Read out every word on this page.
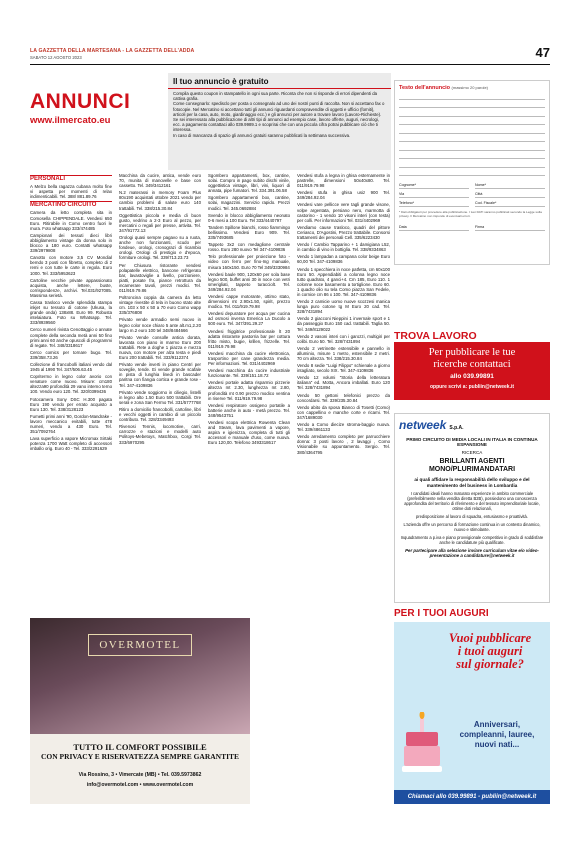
LA GAZZETTA DELLA MARTESANA - LA GAZZETTA DELL'ADDA
SABATO 12 AGOSTO 2023	47
ANNUNCI
www.ilmercato.eu
Il tuo annuncio è gratuito

Compila questo coupon in stampatello in ogni sua parte. Riconta che non si risponde di errori dipendenti da cattiva grafia.

Come consegnarlo: spedisclo per posta o consegnalo ad uno dei nostri punti di raccolta. Non si accettano fax o fotocopie. Nel Mercatino si accettano tutti gli annunci riguardanti compravendite di oggetti e ufficio (forniti), articoli per la casa, auto, moto, giardinaggio ecc.) e gli annunci per autore a trovare lavoro (Lavoro-Richieste).

Se sei interessato alla pubblicazione di altri tipi di annunci ad esempio case, lavoro offerte, auguri, necrologi, ecc. a pagamento contattaci allo 039.9989.1 e scoprirai che con una piccola cifra potrai pubblicare ciò che ti interessa.

In caso di mancanza di spazio gli annunci gratuiti saranno pubblicati la settimana successiva.

Testo dell'annuncio (massimo 20 parole)
Cognome*	Nome*
Via	Città
Telefono*	Cod. Fiscale*
* Dati obbligatori per procedere alla pubblicazione. I tuoi DATI saranno pubblicati secondo la Legge sulla privacy. Il Mercatino non risponde di eventuali errori.
Data	Firma
PERSONALI

A Melzo bella ragazza cubana molto fine vi aspetta per momenti di relax indimenticabili. Tel. 388/ 881.89.76

MERCATINO CIRCUITO

Camera da letto completa sita in Comosella CHIPPENDALE. Vendesi 650 Euro. Ritirabile in Como centro fuori le mura. Foto whatsapp 333/474485

Campionari dei tessuti dieci libri abbigliamento vintage da donna solo in blocco a 180 euro. Contatti whatsapp 339/2979808

Canotto con motore 3,5 CV Mondial bemdo 3 posti con fibretto, completo di 2 remi e con tutte le carte in regola. Euro 1000. Tel. 333/5953623

Cartoline vecchie private appassionato acquista, anche lettere, buste, corrispondenze, archivi. Tel.031/927085. Massima serietà.

Cassa trasloco vende splendida stampa inkjet su tessuto di cotone (Ukusa, la grande onda) 138x88. Euro 99. Robusta intelaiatura. Foto su Whatsapp. Tel. 333/8939560

Cerco numeri rivista Cenottaggio o annate complete della seconda metà anni 50 fino primi anni 60 anche opuscoli di programmi di regate. Tel. 348/3318617

Cerco comics per tornare bugo. Tel. 339/358.73.26

Collezione di francobolli italiani vendo dal 1945 al 1990 Tel. 347/506.63.45

Copritermo in legno color avorio con venature come nuovo. Misure: cm180 altezza90 profondità 29 vano interno terno 100. Vendo euro 120. Tel. 320/0399436

Fotocamera Sony DSC H.300 pagata Euro 190 vendo per errato acquisto a Euro 130. Tel. 338/3128123

Fumetti primi anni '90, Gordon-Mandrake - lavoro meccanico evitabili, tutte 478 numeri, vendo a 430 Euro. Tel. 351/7092764

Lava superficio a vapore Micromax Sirtaki potenza 1700 Watt completo di accessori imballo orig. Euro 40 - Tel. 333/2291629

Macchina da cucire, antica, vende euro 70, munita di manovelle e base con cassetto. Tel. 349/3412161

N.2 materassi in memory Foam Plus 80x190 acquistati ottobre 2021 vendo per cambio problemi di salute euro 140 trattabili. Tel. 338/215.30.84

Oggettistica piccola e media di buon gusto, vedrino a 2-3 Euro al pezzo, per mercatini o regali per presse, artivita. Tel. 347/91772.13

Orologi quasi sempre pagavo su a ruota, anche non funzionanti, scudo per fondeue, orologi, cronograzi di ricambio orologi. Orologi di prestigio e d'epoca, formiture orologi. Tel. 339/713.23.73

Per Chiusura ristorante vendesi polapatelle elettrico, bancone refrigerato bar, lavastoviglie a livello, porzioniere, piatti, posate fra, piance retrottura da incamerare tavoli, prezzi modici. Tel. 011/919.79.86

Poltroncina coppia da camera da letto vintage rivestite di tela in buono stato alte cm. 103 x 50 x 50 a 70 euro Como wapp 335/376808

Privato vende armadio semi nuovo in legno color noce chiaro 5 ante alt.m1,2.20 largo m.2 euro 100 tel 348/8484666

Privato Vende consolle antica dorata, lavorata con piano in marmo Euro 200 trattabili. Rete a doghe 1 piazza e mezza nuova, con motore per alza testa e piedi Euro 200 trattabili. Tel. 333/9112374

Privato vende inverti in piano Centri per soveglie, tende. Ei vende grande scafale in pista di lunghia linedi in bascader paritna con fiangia cortica e grande rose - Tel. 347-4109836

Privato vende soggiorno in ciliegio, listelli in legno alto 1.50 Euro 500 trattabili. Ore serali e zona San Fermo Tel. 331/5777768

Ritiro a domicilio francobolli, cartoline, libri e vecchi oggetti in cambio di un piccolo contributo. Tel. 328/3349493

Rivenosi Tennis, locomotive, carri, carrozze e stazioni e modelli auto Politoys-Mebetoys, Matchbox, Corgi Tel. 333/6970295

Sgombero appartamenti, box, cantine, solai. Compro in pago subito dischi vinile, oggettistica vintage, libri, vini, liquori di annata, pipe fumatori. Tel. 334.391.06.58

Sgombero appartamenti box, cantine, solai, magazzini. Servizio rapido. Prezzi modici. Tel. 345.0692884

Svendo in blocco abbigliamento neonato 0-6 mesi a 100 Euro. Tel 333/4440797

Tandem Spillone bianchi, rosso fiammingo bellissimo. Vendesi Euro 909. Tel. 335/7493685

Tappeto 3x2 con medaglione centrale rosso. Euro 280 nuovo Tel 347-4109836

Telo professionale per proiezione foto - video con ferro per fino-Ing manuale, misura 160x150. Euro 70 Tel 349/3330984

Vendesi baule 900, 120x60 per sola base legno 500, buffet anni 30 in noce con vetri smerigliati, tappeto turacciolt. Tel. 349/284.92.04

Vendesi cappe motorante, ottimo stato, dimensioni mt 2.90x1.50, spirit, prezzo modico. Tel. 011/919.79.98

Vendesi depuratore per acqua per cucina ad osmosi inversa Emerica La Ducolo a 500 euro. Tel. 347/391.29.27

Vendesi friggitrice professionale lt 20 adatta ristorante pastorria bar per cottura fritto misto, bugie, krillen, frizzelle. Tel. 011/919.79.98

Vendesi macchina da cucire elettronica, trasportino per cane grandezza media. Per informazioni. Tel. 031/4402969

Vendesi macchina da cucire industriale funzionante. Tel. 339/151.18.72

Vendesi portale adatta risparmio pizzerie altezza mt 2.30, lunghezza mt 2.80, profondità mt 0.90 prezzo modico ventina in riserve Tel. 011/919.79.98

Vendesi respiratore ossigeno portatile a batterie anche in auto - metà prezzo. Tel. 348/9543751

Vendesi scopa elettrica Rowenta Clean and Steam, lava pavimenti a vapore, aspira e igienizza, completa di tutti gli accessori e manuale d'uso, come nuova. Euro 120,00. Telefono 3493318617

Vendesi stufa a legna in ghisa esternamente in pastrelle, dimensioni 50x40x80. Tel. 011/919.79.98

Vendesi stufa in ghisa usiz 900 Tel. 349/284.92.04

Vendesi vare pellicce vere tagli grande visone, volpe argentata, persiano nero, marmotta di castorino - 1 vendo 10 visoni interi (con testa) per colli. Per informazioni Tel. 031/4402969

Vendiamo cause trasloco, quadri del pittore Ceriasco, D'Agostini, Prezzo trattabile. Consorsi trattamenti dei personali Cell. 335/6223430

Vendo / Cambio Tapparino + 1 damigiana L52, in cambio di vino in bottiglia. Tel. 338/9334863

Vendo 1 lampadan a campana color beige Euro 60,00 Tel. 347-4109836

Vendo 1 specchiera in noce patfetta, cm 60x100 Euro 50. Appendiabiti a colonna legno noce tutto quadrato, 4 ganci+4. Cm 185, Euro 110. 1 colonne noce basamento a tortiglione. Euro 60. 1 quadro olio su tela Como piazza San Fedele, in cornice cm 86 x 100. Tel. 347-4109836

Vendo 2 camicie uomo nuove scozzesi manica lunga puro cotone tg M Euro 20 cad. Tel. 328/7431894

Vendo 2 giacconi Nieppini 1 invernale sport e 1 da passeggio Euro 150 cad. trattabili. Taglia 50. Tel. 349/8129022

Vendo 2 vasoni interi con i garozzi, multigiri per colibi. Euro 50. Tel. 328/7431894

Vendo 2 vetrinette estensibile e pannello in alluminio, misure 1 metro, estensibile 2 metri. 70 cm altezza. Tel. 338/215.30.84

Vendo 8 sedie "Luigi Filippo" schienale a giorno intagliato, secolo XIX. Tel. 347-4109836

Vendo 12 volumi "Storia della letteratura italiana" ed. Motta, Ancora imballati. Euro 120 Tel. 328/7431894

Vendo 50 gettoni telefonici prezzo da concordarsi. Tel. 339/235.30.84

Vendo abito da sposa Bianco di Tosetti (Como) con cappellino e manche corte e ricami. Tel. 347/1689030

Vendo a Como diecize stroma-baggio nuova. Tel. 339/4861133

Vendo arredamento completo per parrucchiere donna: 3 posti lavoro , 2 lavaggi , Como Visionabile su appuntamento. Sergio. Tel. 380/4364795

TROVA LAVORO
Per pubblicare le tue
ricerche contattaci
allo 039.99891
oppure scrivi a: publiin@netweek.it
netweek S.p.A.
PRIMO CIRCUITO DI MEDIA LOCALI IN ITALIA IN CONTINUA ESPANSIONE
RICERCA
BRILLANTI AGENTI MONO/PLURIMANDATARI
ai quali affidare la responsabilità dello sviluppo e del mantenimento del business in Lombardia

I candidati ideali hanno maturato esperienze in ambito commerciale (preferibilmente nella vendita diretta B2B), possiedono una conoscenza approfondita del territorio di riferimento e del tessuto imprenditoriale locale, ottime doti relazionali,

predisposizione al lavoro di squadra, entusiasmo e proattività.

L'azienda offre un percorso di formazione continua in un contesto dinamico, nuovo e stimolante.

Inquadramento a p.iva e piano provvigionale competitivo in grado di soddisfare anche le candidature più qualificate.

Per partecipare alla selezione inviare curriculum vitae e/o video-presentazione a candidature@netweek.it
OVERMOTEL
TUTTO IL COMFORT POSSIBILE
CON PRIVACY E RISERVATEZZA SEMPRE GARANTITE
Via Rossino, 3 • Vimercate (MB) • Tel. 039.5973862
info@overmotel.com • www.overmotel.com
PER I TUOI AUGURI
Vuoi pubblicare
i tuoi auguri
sul giornale?
Anniversari,
compleanni, lauree,
nuovi nati...
Chiamaci allo 039.99891 - publiin@netweek.it
